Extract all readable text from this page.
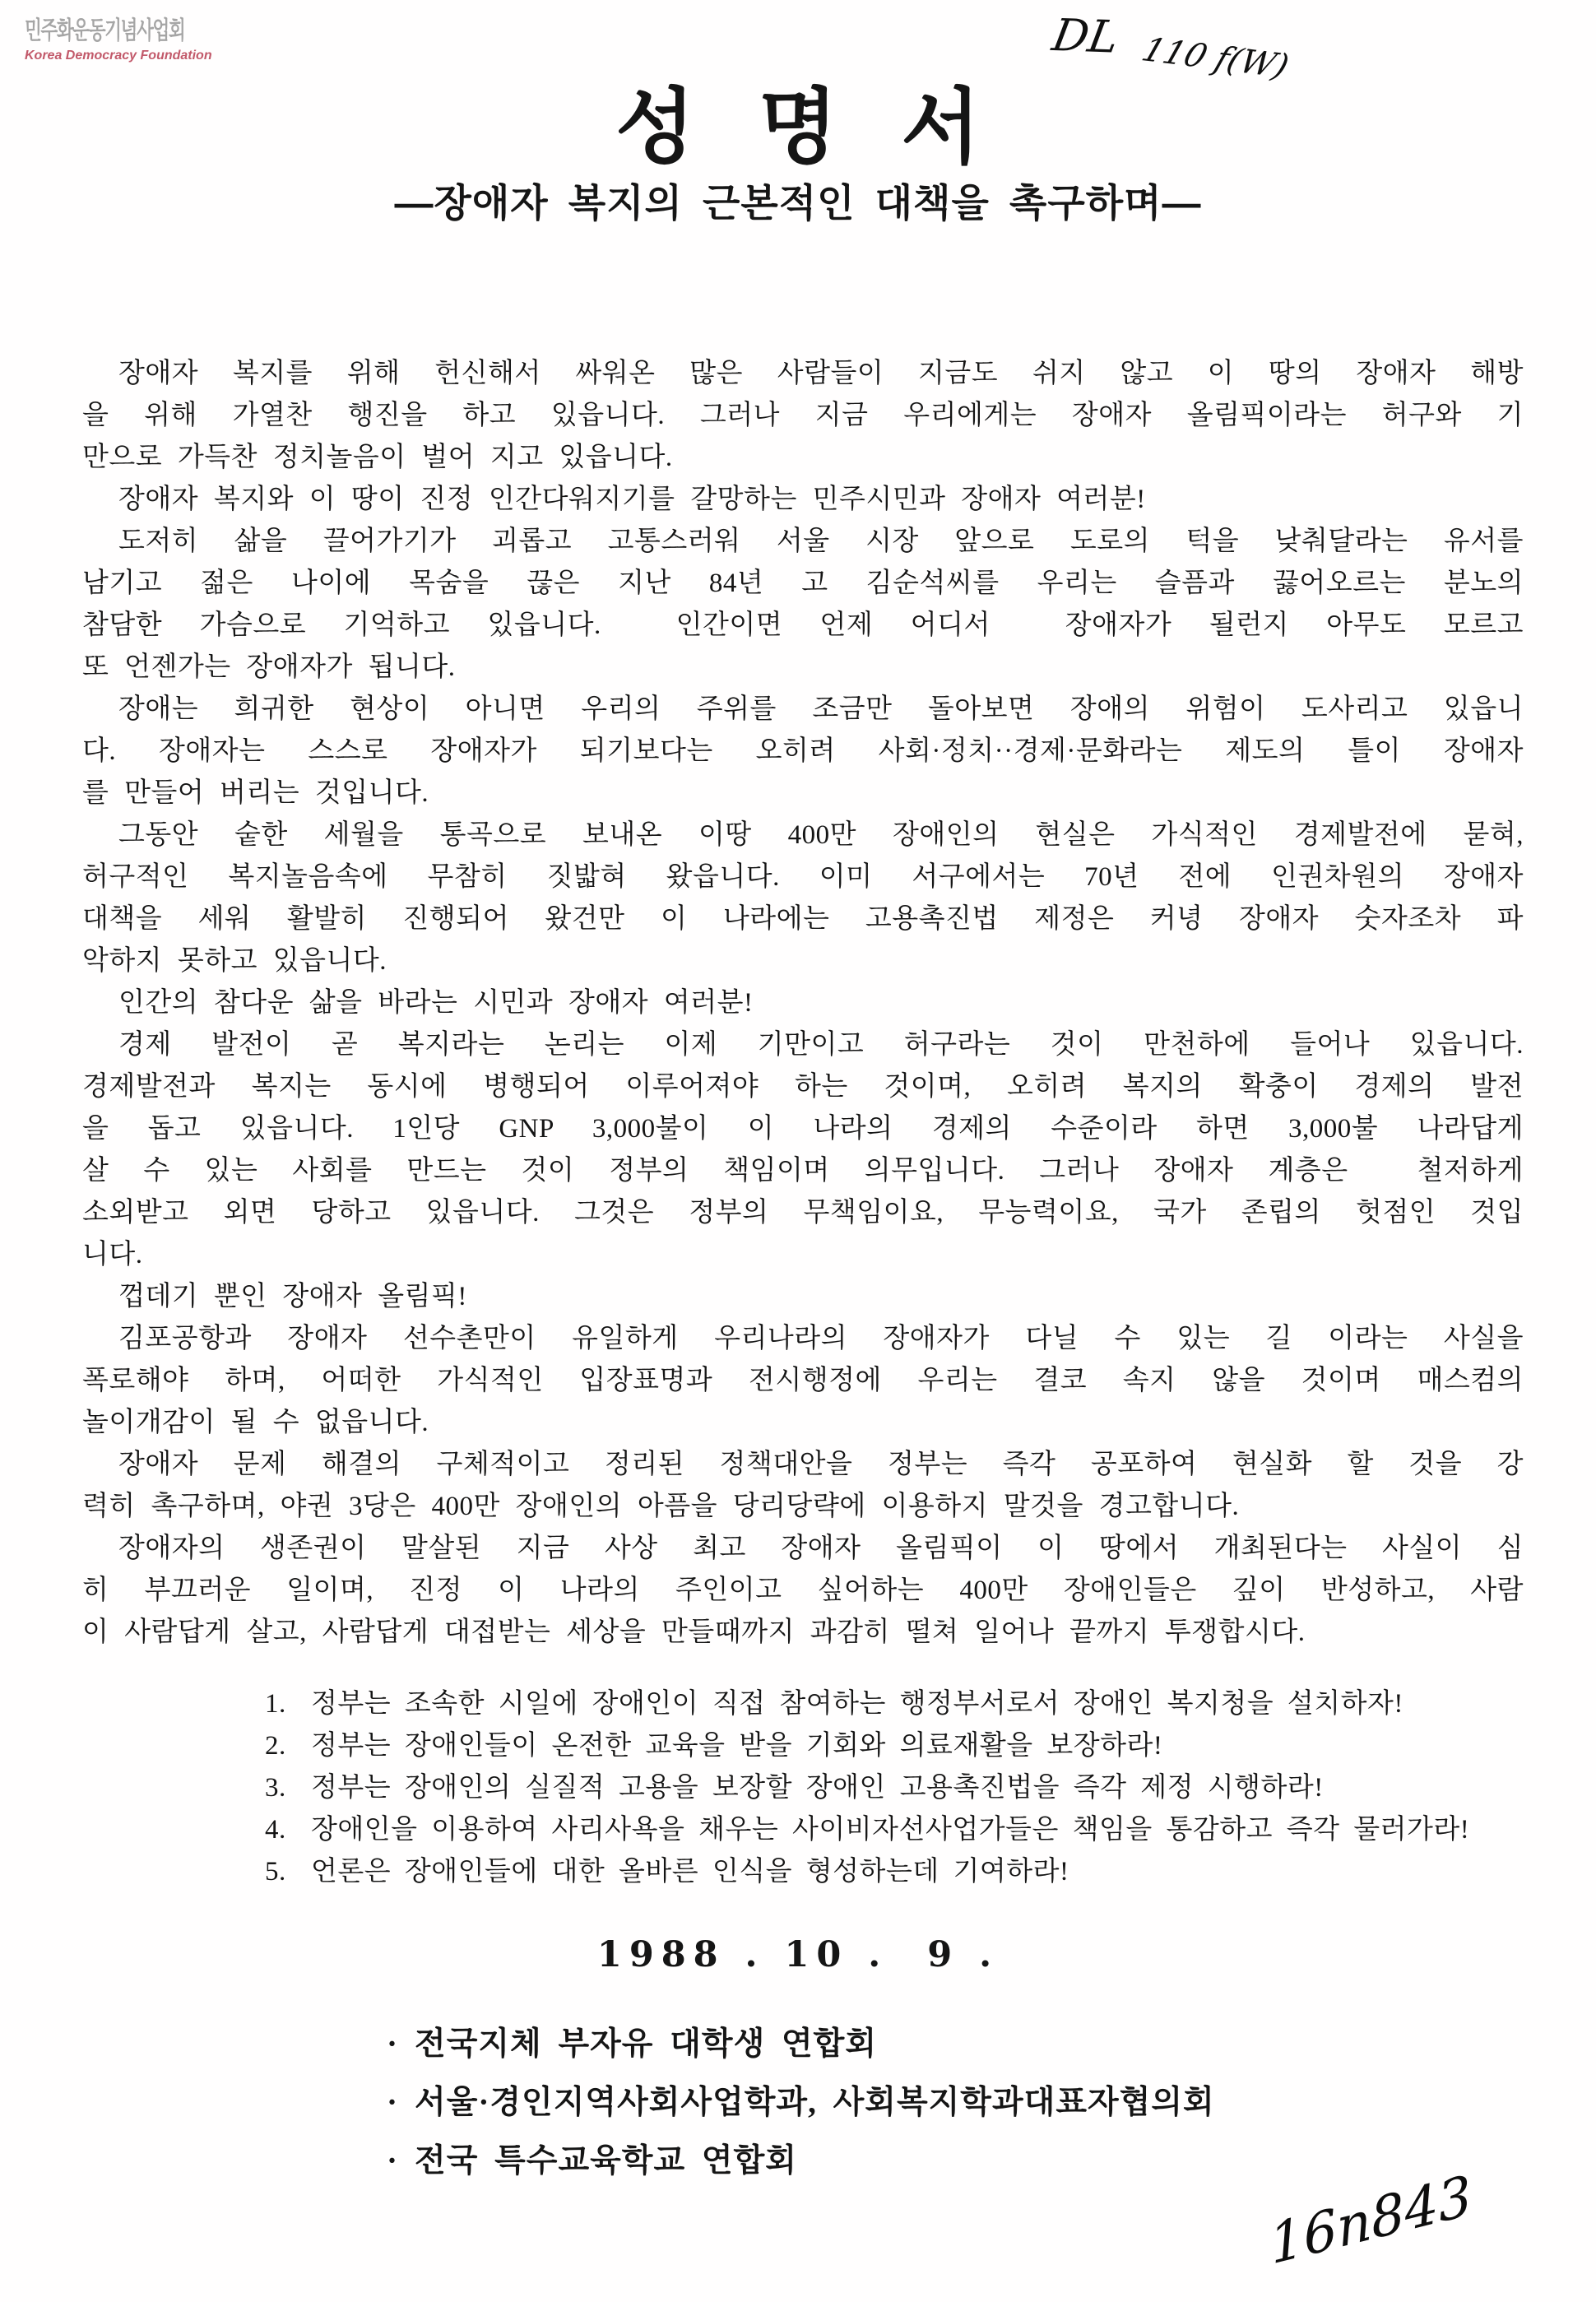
민주화운동기념사업회
Korea Democracy Foundation	DL 110 f(W)
성 명 서
—장애자 복지의 근본적인 대책을 촉구하며—
장애자 복지를 위해 헌신해서 싸워온 많은 사람들이 지금도 쉬지 않고 이 땅의 장애자 해방
을 위해 가열찬 행진을 하고 있읍니다. 그러나 지금 우리에게는 장애자 올림픽이라는 허구와 기
만으로 가득찬 정치놀음이 벌어 지고 있읍니다.
장애자 복지와 이 땅이 진정 인간다워지기를 갈망하는 민주시민과 장애자 여러분!
도저히 삶을 끌어가기가 괴롭고 고통스러워 서울 시장 앞으로 도로의 턱을 낮춰달라는 유서를
남기고 젊은 나이에 목숨을 끊은 지난 84년 고 김순석씨를 우리는 슬픔과 끓어오르는 분노의
참담한 가슴으로 기억하고 있읍니다.  인간이면 언제 어디서  장애자가 될런지 아무도 모르고
또 언젠가는 장애자가 됩니다.
장애는 희귀한 현상이 아니면 우리의 주위를 조금만 돌아보면 장애의 위험이 도사리고 있읍니
다. 장애자는 스스로 장애자가 되기보다는 오히려 사회·정치··경제·문화라는 제도의 틀이 장애자
를 만들어 버리는 것입니다.
그동안 숱한 세월을 통곡으로 보내온 이땅 400만 장애인의 현실은 가식적인 경제발전에 묻혀,
허구적인 복지놀음속에 무참히 짓밟혀 왔읍니다. 이미 서구에서는 70년 전에 인권차원의 장애자
대책을 세워 활발히 진행되어 왔건만 이 나라에는 고용촉진법 제정은 커녕 장애자 숫자조차 파
악하지 못하고 있읍니다.
인간의 참다운 삶을 바라는 시민과 장애자 여러분!
경제 발전이 곧 복지라는 논리는 이제 기만이고 허구라는 것이 만천하에 들어나 있읍니다.
경제발전과 복지는 동시에 병행되어 이루어져야 하는 것이며, 오히려 복지의 확충이 경제의 발전
을 돕고 있읍니다. 1인당 GNP 3,000불이 이 나라의 경제의 수준이라 하면 3,000불 나라답게
살 수 있는 사회를 만드는 것이 정부의 책임이며 의무입니다. 그러나 장애자 계층은  철저하게
소외받고 외면 당하고 있읍니다. 그것은 정부의 무책임이요, 무능력이요, 국가 존립의 헛점인 것입
니다.
껍데기 뿐인 장애자 올림픽!
김포공항과 장애자 선수촌만이 유일하게 우리나라의 장애자가 다닐 수 있는 길 이라는 사실을
폭로해야 하며, 어떠한 가식적인 입장표명과 전시행정에 우리는 결코 속지 않을 것이며 매스컴의
놀이개감이 될 수 없읍니다.
장애자 문제 해결의 구체적이고 정리된 정책대안을 정부는 즉각 공포하여 현실화 할 것을 강
력히 촉구하며, 야권 3당은 400만 장애인의 아픔을 당리당략에 이용하지 말것을 경고합니다.
장애자의 생존권이 말살된 지금 사상 최고 장애자 올림픽이 이 땅에서 개최된다는 사실이 심
히 부끄러운 일이며, 진정 이 나라의 주인이고 싶어하는 400만 장애인들은 깊이 반성하고, 사람
이 사람답게 살고, 사람답게 대접받는 세상을 만들때까지 과감히 떨쳐 일어나 끝까지 투쟁합시다.
1. 정부는 조속한 시일에 장애인이 직접 참여하는 행정부서로서 장애인 복지청을 설치하자!
2. 정부는 장애인들이 온전한 교육을 받을 기회와 의료재활을 보장하라!
3. 정부는 장애인의 실질적 고용을 보장할 장애인 고용촉진법을 즉각 제정 시행하라!
4. 장애인을 이용하여 사리사욕을 채우는 사이비자선사업가들은 책임을 통감하고 즉각 물러가라!
5. 언론은 장애인들에 대한 올바른 인식을 형성하는데 기여하라!
1988 . 10 .  9 .
· 전국지체 부자유 대학생 연합회
· 서울·경인지역사회사업학과, 사회복지학과대표자협의회
· 전국 특수교육학교 연합회
16n843
